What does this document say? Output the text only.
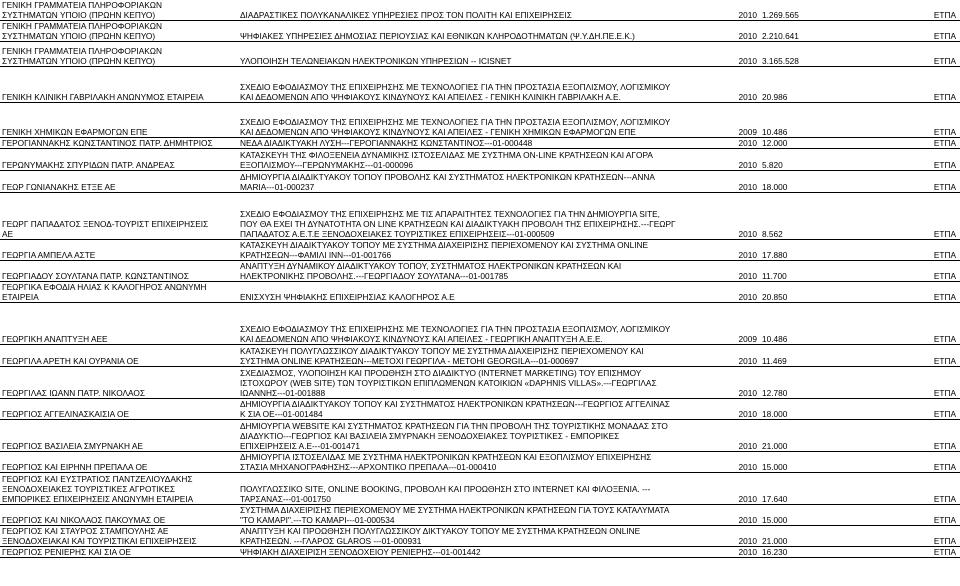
ΓΕΝΙΚΗ ΓΡΑΜΜΑΤΕΙΑ ΠΛΗΡΟΦΟΡΙΑΚΩΝ ΣΥΣΤΗΜΑΤΩΝ ΥΠΟΙΟ (ΠΡΩΗΝ ΚΕΠΥΟ)		ΔΙΑΔΡΑΣΤΙΚΕΣ ΠΟΛΥΚΑΝΑΛΙΚΕΣ ΥΠΗΡΕΣΙΕΣ ΠΡΟΣ ΤΟΝ ΠΟΛΙΤΗ ΚΑΙ ΕΠΙΧΕΙΡΗΣΕΙΣ	2010	1.269.565	ΕΤΠΑ
ΓΕΝΙΚΗ ΓΡΑΜΜΑΤΕΙΑ ΠΛΗΡΟΦΟΡΙΑΚΩΝ ΣΥΣΤΗΜΑΤΩΝ ΥΠΟΙΟ (ΠΡΩΗΝ ΚΕΠΥΟ)		ΨΗΦΙΑΚΕΣ ΥΠΗΡΕΣΙΕΣ ΔΗΜΟΣΙΑΣ ΠΕΡΙΟΥΣΙΑΣ ΚΑΙ ΕΘΝΙΚΩΝ ΚΛΗΡΟΔΟΤΗΜΑΤΩΝ (Ψ.Υ.ΔΗ.ΠΕ.Ε.Κ.)	2010	2.210.641	ΕΤΠΑ
ΓΕΝΙΚΗ ΓΡΑΜΜΑΤΕΙΑ ΠΛΗΡΟΦΟΡΙΑΚΩΝ ΣΥΣΤΗΜΑΤΩΝ ΥΠΟΙΟ (ΠΡΩΗΝ ΚΕΠΥΟ)		ΥΛΟΠΟΙΗΣΗ ΤΕΛΩΝΕΙΑΚΩΝ ΗΛΕΚΤΡΟΝΙΚΩΝ ΥΠΗΡΕΣΙΩΝ -- ICISNET	2010	3.165.528	ΕΤΠΑ
ΓΕΝΙΚΗ ΚΛΙΝΙΚΗ ΓΑΒΡΙΛΑΚΗ ΑΝΩΝΥΜΟΣ ΕΤΑΙΡΕΙΑ		ΣΧΕΔΙΟ ΕΦΟΔΙΑΣΜΟΥ ΤΗΣ ΕΠΙΧΕΙΡΗΣΗΣ ΜΕ ΤΕΧΝΟΛΟΓΙΕΣ ΓΙΑ ΤΗΝ ΠΡΟΣΤΑΣΙΑ ΕΞΟΠΛΙΣΜΟΥ, ΛΟΓΙΣΜΙΚΟΥ ΚΑΙ ΔΕΔΟΜΕΝΩΝ ΑΠΟ ΨΗΦΙΑΚΟΥΣ ΚΙΝΔΥΝΟΥΣ ΚΑΙ ΑΠΕΙΛΕΣ - ΓΕΝΙΚΗ ΚΛΙΝΙΚΗ ΓΑΒΡΙΛΑΚΗ Α.Ε.	2010	20.986	ΕΤΠΑ
ΓΕΝΙΚΗ ΧΗΜΙΚΩΝ ΕΦΑΡΜΟΓΩΝ ΕΠΕ		ΣΧΕΔΙΟ ΕΦΟΔΙΑΣΜΟΥ ΤΗΣ ΕΠΙΧΕΙΡΗΣΗΣ ΜΕ ΤΕΧΝΟΛΟΓΙΕΣ ΓΙΑ ΤΗΝ ΠΡΟΣΤΑΣΙΑ ΕΞΟΠΛΙΣΜΟΥ, ΛΟΓΙΣΜΙΚΟΥ ΚΑΙ ΔΕΔΟΜΕΝΩΝ ΑΠΟ ΨΗΦΙΑΚΟΥΣ ΚΙΝΔΥΝΟΥΣ ΚΑΙ ΑΠΕΙΛΕΣ - ΓΕΝΙΚΗ ΧΗΜΙΚΩΝ ΕΦΑΡΜΟΓΩΝ ΕΠΕ	2009	10.486	ΕΤΠΑ
ΓΕΡΟΓΙΑΝΝΑΚΗΣ ΚΩΝΣΤΑΝΤΙΝΟΣ ΠΑΤΡ. ΔΗΜΗΤΡΙΟΣ		ΝΕΔΑ ΔΙΑΔΙΚΤΥΑΚΗ ΛΥΣΗ---ΓΕΡΟΓΙΑΝΝΑΚΗΣ ΚΩΝΣΤΑΝΤΙΝΟΣ---01-000448	2010	12.000	ΕΤΠΑ
ΓΕΡΩΝΥΜΑΚΗΣ ΣΠΥΡΙΔΩΝ ΠΑΤΡ. ΑΝΔΡΕΑΣ		ΚΑΤΑΣΚΕΥΗ ΤΗΣ ΦΙΛΟΞΕΝΕΙΑ ΔΥΝΑΜΙΚΗΣ ΙΣΤΟΣΕΛΙΔΑΣ ΜΕ ΣΥΣΤΗΜΑ ON-LINE ΚΡΑΤΗΣΕΩΝ ΚΑΙ ΑΓΟΡΑ ΕΞΟΠΛΙΣΜΟΥ---ΓΕΡΩΝΥΜΑΚΗΣ---01-000096	2010	5.820	ΕΤΠΑ
ΓΕΩΡ ΓΩΝΙΑΝΑΚΗΣ ΕΤΞΕ ΑΕ		ΔΗΜΙΟΥΡΓΙΑ ΔΙΑΔΙΚΤΥΑΚΟΥ ΤΟΠΟΥ ΠΡΟΒΟΛΗΣ ΚΑΙ ΣΥΣΤΗΜΑΤΟΣ ΗΛΕΚΤΡΟΝΙΚΩΝ ΚΡΑΤΗΣΕΩΝ---ANNA MARIA---01-000237	2010	18.000	ΕΤΠΑ
ΓΕΩΡΓ ΠΑΠΑΔΑΤΟΣ ΞΕΝΟΔ-ΤΟΥΡΙΣΤ ΕΠΙΧΕΙΡΗΣΕΙΣ ΑΕ		ΣΧΕΔΙΟ ΕΦΟΔΙΑΣΜΟΥ ΤΗΣ ΕΠΙΧΕΙΡΗΣΗΣ ΜΕ ΤΙΣ ΑΠΑΡΑΙΤΗΤΕΣ ΤΕΧΝΟΛΟΓΙΕΣ ΓΙΑ ΤΗΝ ΔΗΜΙΟΥΡΓΙΑ SITE, ΠΟΥ ΘΑ ΕΧΕΙ ΤΗ ΔΥΝΑΤΟΤΗΤΑ ON LINE ΚΡΑΤΗΣΕΩΝ ΚΑΙ ΔΙΑΔΙΚΤΥΑΚΗ ΠΡΟΒΟΛΗ ΤΗΣ ΕΠΙΧΕΙΡΗΣΗΣ.---ΓΕΩΡΓ ΠΑΠΑΔΑΤΟΣ Α.Ε.Τ.Ε ΞΕΝΟΔΟΧΕΙΑΚΕΣ ΤΟΥΡΙΣΤΙΚΕΣ ΕΠΙΧΕΙΡΗΣΕΙΣ---01-000509	2010	8.562	ΕΤΠΑ
ΓΕΩΡΓΙΑ ΑΜΠΕΛΑ ΑΣΤΕ		ΚΑΤΑΣΚΕΥΗ ΔΙΑΔΙΚΤΥΑΚΟΥ ΤΟΠΟΥ ΜΕ ΣΥΣΤΗΜΑ ΔΙΑΧΕΙΡΙΣΗΣ ΠΕΡΙΕΧΟΜΕΝΟΥ ΚΑΙ ΣΥΣΤΗΜΑ ONLINE ΚΡΑΤΗΣΕΩΝ---ΦΑΜΙΛΙ ΙΝΝ---01-001766	2010	17.880	ΕΤΠΑ
ΓΕΩΡΓΙΑΔΟΥ ΣΟΥΛΤΑΝΑ ΠΑΤΡ. ΚΩΝΣΤΑΝΤΙΝΟΣ		ΑΝΑΠΤΥΞΗ ΔΥΝΑΜΙΚΟΥ ΔΙΑΔΙΚΤΥΑΚΟΥ ΤΟΠΟΥ, ΣΥΣΤΗΜΑΤΟΣ ΗΛΕΚΤΡΟΝΙΚΩΝ ΚΡΑΤΗΣΕΩΝ ΚΑΙ ΗΛΕΚΤΡΟΝΙΚΗΣ ΠΡΟΒΟΛΗΣ.---ΓΕΩΡΓΙΑΔΟΥ ΣΟΥΛΤΑΝΑ---01-001785	2010	11.700	ΕΤΠΑ
ΓΕΩΡΓΙΚΑ ΕΦΟΔΙΑ ΗΛΙΑΣ Κ ΚΑΛΟΓΗΡΟΣ ΑΝΩΝΥΜΗ ΕΤΑΙΡΕΙΑ		ΕΝΙΣΧΥΣΗ ΨΗΦΙΑΚΗΣ ΕΠΙΧΕΙΡΗΣΙΑΣ ΚΑΛΟΓΗΡΟΣ Α.Ε	2010	20.850	ΕΤΠΑ
ΓΕΩΡΓΙΚΗ ΑΝΑΠΤΥΞΗ ΑΕΕ		ΣΧΕΔΙΟ ΕΦΟΔΙΑΣΜΟΥ ΤΗΣ ΕΠΙΧΕΙΡΗΣΗΣ ΜΕ ΤΕΧΝΟΛΟΓΙΕΣ ΓΙΑ ΤΗΝ ΠΡΟΣΤΑΣΙΑ ΕΞΟΠΛΙΣΜΟΥ, ΛΟΓΙΣΜΙΚΟΥ ΚΑΙ ΔΕΔΟΜΕΝΩΝ ΑΠΟ ΨΗΦΙΑΚΟΥΣ ΚΙΝΔΥΝΟΥΣ ΚΑΙ ΑΠΕΙΛΕΣ - ΓΕΩΡΓΙΚΗ ΑΝΑΠΤΥΞΗ Α.Ε.Ε.	2009	10.486	ΕΤΠΑ
ΓΕΩΡΓΙΛΑ ΑΡΕΤΗ ΚΑΙ ΟΥΡΑΝΙΑ ΟΕ		ΚΑΤΑΣΚΕΥΗ ΠΟΛΥΓΛΩΣΣΙΚΟΥ ΔΙΑΔΙΚΤΥΑΚΟΥ ΤΟΠΟΥ ΜΕ ΣΥΣΤΗΜΑ ΔΙΑΧΕΙΡΙΣΗΣ ΠΕΡΙΕΧΟΜΕΝΟΥ ΚΑΙ ΣΥΣΤΗΜΑ ONLINE ΚΡΑΤΗΣΕΩΝ---ΜΕΤΟΧΙ ΓΕΩΡΓΙΛΑ - METOHI GEORGILA---01-000697	2010	11.469	ΕΤΠΑ
ΓΕΩΡΓΙΛΑΣ ΙΩΑΝΝ ΠΑΤΡ. ΝΙΚΟΛΑΟΣ		ΣΧΕΔΙΑΣΜΟΣ, ΥΛΟΠΟΙΗΣΗ ΚΑΙ ΠΡΟΩΘΗΣΗ ΣΤΟ ΔΙΑΔΙΚΤΥΟ (INTERNET MARKETING) ΤΟΥ ΕΠΙΣΗΜΟΥ ΙΣΤΟΧΩΡΟΥ (WEB SITE) ΤΩΝ ΤΟΥΡΙΣΤΙΚΩΝ ΕΠΙΠΛΩΜΕΝΩΝ ΚΑΤΟΙΚΙΩΝ «DAPHNIS VILLAS».---ΓΕΩΡΓΙΛΑΣ ΙΩΑΝΝΗΣ---01-001888	2010	12.780	ΕΤΠΑ
ΓΕΩΡΓΙΟΣ ΑΓΓΕΛΙΝΑΣΚΑΙΣΙΑ ΟΕ		ΔΗΜΙΟΥΡΓΙΑ ΔΙΑΔΙΚΤΥΑΚΟΥ ΤΟΠΟΥ ΚΑΙ ΣΥΣΤΗΜΑΤΟΣ ΗΛΕΚΤΡΟΝΙΚΩΝ ΚΡΑΤΗΣΕΩΝ---ΓΕΩΡΓΙΟΣ ΑΓΓΕΛΙΝΑΣ Κ ΣΙΑ ΟΕ---01-001484	2010	18.000	ΕΤΠΑ
ΓΕΩΡΓΙΟΣ ΒΑΣΙΛΕΙΑ ΣΜΥΡΝΑΚΗ ΑΕ		ΔΗΜΙΟΥΡΓΙΑ WEBSITE ΚΑΙ ΣΥΣΤΗΜΑΤΟΣ ΚΡΑΤΗΣΕΩΝ ΓΙΑ ΤΗΝ ΠΡΟΒΟΛΗ ΤΗΣ ΤΟΥΡΙΣΤΙΚΗΣ ΜΟΝΑΔΑΣ ΣΤΟ ΔΙΑΔΥΚΤΙΟ---ΓΕΩΡΓΙΟΣ ΚΑΙ ΒΑΣΙΛΕΙΑ ΣΜΥΡΝΑΚΗ ΞΕΝΟΔΟΧΕΙΑΚΕΣ ΤΟΥΡΙΣΤΙΚΕΣ - ΕΜΠΟΡΙΚΕΣ ΕΠΙΧΕΙΡΗΣΕΙΣ Α.Ε---01-001471	2010	21.000	ΕΤΠΑ
ΓΕΩΡΓΙΟΣ ΚΑΙ ΕΙΡΗΝΗ ΠΡΕΠΑΛΑ ΟΕ		ΔΗΜΙΟΥΡΓΙΑ ΙΣΤΟΣΕΛΙΔΑΣ ΜΕ ΣΥΣΤΗΜΑ ΗΛΕΚΤΡΟΝΙΚΩΝ ΚΡΑΤΗΣΕΩΝ ΚΑΙ ΕΞΟΠΛΙΣΜΟΥ ΕΠΙΧΕΙΡΗΣΗΣ ΣΤΑΣΙΑ ΜΗΧΑΝΟΓΡΑΦΗΣΗΣ---ΑΡΧΟΝΤΙΚΟ ΠΡΕΠΑΛΑ---01-000410	2010	15.000	ΕΤΠΑ
ΓΕΩΡΓΙΟΣ ΚΑΙ ΕΥΣΤΡΑΤΙΟΣ ΠΑΝΤΖΕΛΙΟΥΔΑΚΗΣ ΞΕΝΟΔΟΧΕΙΑΚΕΣ ΤΟΥΡΙΣΤΙΚΕΣ ΑΓΡΟΤΙΚΕΣ ΕΜΠΟΡΙΚΕΣ ΕΠΙΧΕΙΡΗΣΕΙΣ ΑΝΩΝΥΜΗ ΕΤΑΙΡΕΙΑ		ΠΟΛΥΓΛΩΣΣΙΚΟ SITE, ONLINE BOOKING, ΠΡΟΒΟΛΗ ΚΑΙ ΠΡΟΩΘΗΣΗ ΣΤΟ INTERNET ΚΑΙ ΦΙΛΟΞΕΝΙΑ. ---ΤΑΡΣΑΝΑΣ---01-001750	2010	17.640	ΕΤΠΑ
ΓΕΩΡΓΙΟΣ ΚΑΙ ΝΙΚΟΛΑΟΣ ΠΑΚΟΥΜΑΣ ΟΕ		ΣΥΣΤΗΜΑ ΔΙΑΧΕΙΡΙΣΗΣ ΠΕΡΙΕΧΟΜΕΝΟΥ ΜΕ ΣΥΣΤΗΜΑ ΗΛΕΚΤΡΟΝΙΚΩΝ ΚΡΑΤΗΣΕΩΝ ΓΙΑ ΤΟΥΣ ΚΑΤΑΛΥΜΑΤΑ "ΤΟ ΚΑΜΑΡΙ".---ΤΟ ΚΑΜΑΡΙ---01-000534	2010	15.000	ΕΤΠΑ
ΓΕΩΡΓΙΟΣ ΚΑΙ ΣΤΑΥΡΟΣ ΣΤΑΜΠΟΥΛΗΣ ΑΕ ΞΕΝΟΔΟΧΕΙΑΚΑΙ ΚΑΙ ΤΟΥΡΙΣΤΙΚΑΙ ΕΠΙΧΕΙΡΗΣΕΙΣ		ΑΝΑΠΤΥΞΗ ΚΑΙ ΠΡΟΩΘΗΣΗ ΠΟΛΥΓΛΩΣΣΙΚΟΥ ΔΙΚΤΥΑΚΟΥ ΤΟΠΟΥ ΜΕ ΣΥΣΤΗΜΑ ΚΡΑΤΗΣΕΩΝ ONLINE ΚΡΑΤΗΣΕΩΝ. ---ΓΛΑΡΟΣ GLAROS ---01-000931	2010	21.000	ΕΤΠΑ
ΓΕΩΡΓΙΟΣ ΡΕΝΙΕΡΗΣ ΚΑΙ ΣΙΑ ΟΕ		ΨΗΦΙΑΚΗ ΔΙΑΧΕΙΡΙΣΗ ΞΕΝΟΔΟΧΕΙΟΥ ΡΕΝΙΕΡΗΣ---01-001442	2010	16.230	ΕΤΠΑ
